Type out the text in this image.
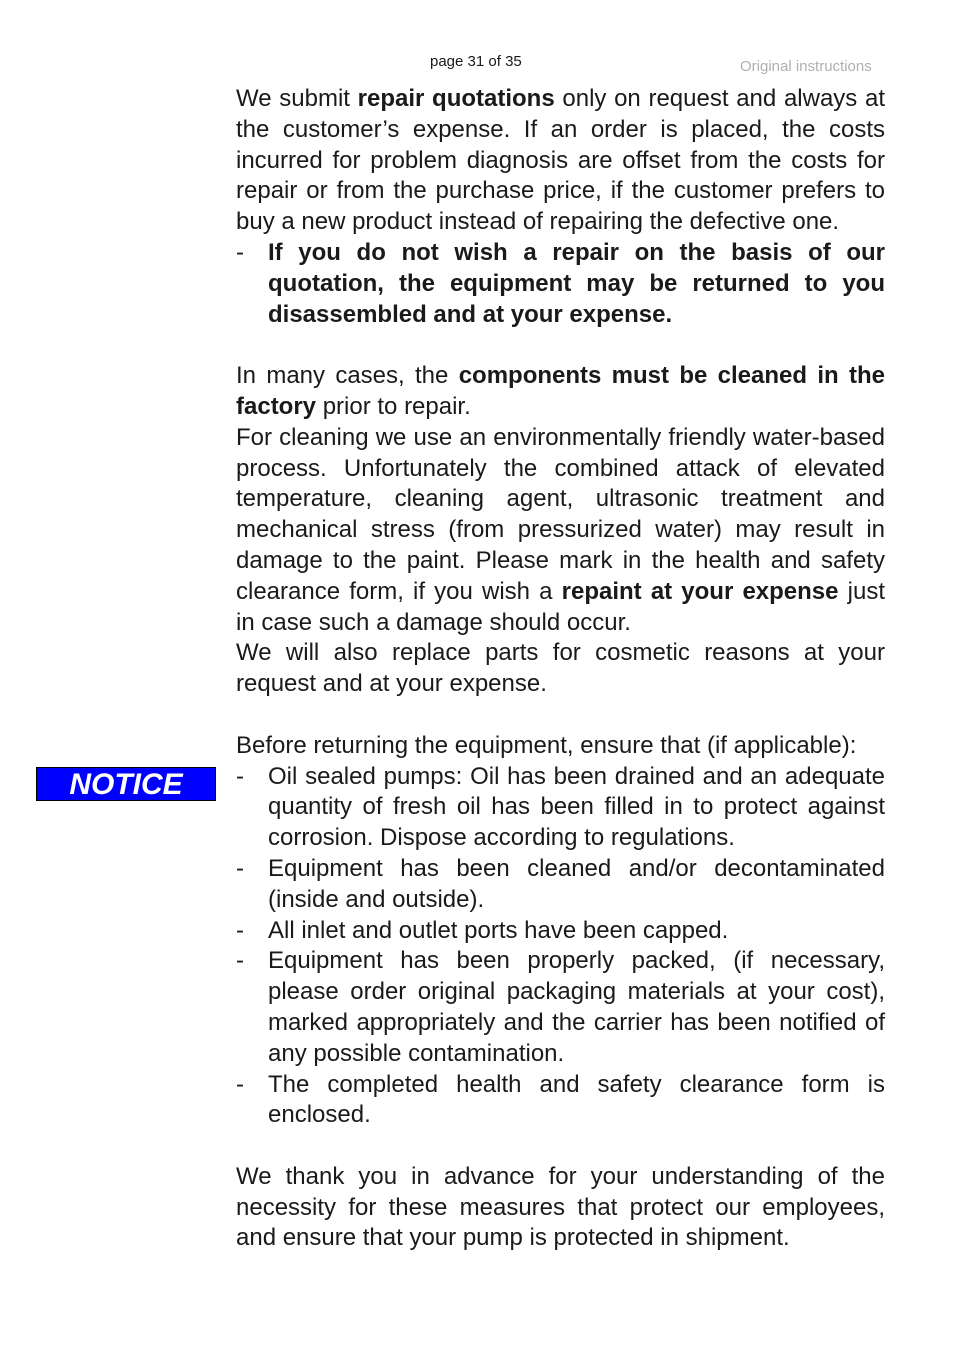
page 31 of 35	Original instructions
NOTICE

We submit repair quotations only on request and always at the customer’s expense. If an order is placed, the costs incurred for problem diagnosis are offset from the costs for repair or from the purchase price, if the customer prefers to buy a new product instead of repairing the defective one.

-	If you do not wish a repair on the basis of our quotation, the equipment may be returned to you disassembled and at your expense.

In many cases, the components must be cleaned in the factory prior to repair.

For cleaning we use an environmentally friendly water-based process. Unfortunately the combined attack of elevated temperature, cleaning agent, ultrasonic treatment and mechanical stress (from pressurized water) may result in damage to the paint. Please mark in the health and safety clearance form, if you wish a repaint at your expense just in case such a damage should occur.

We will also replace parts for cosmetic reasons at your request and at your expense.

Before returning the equipment, ensure that (if applicable):

-	Oil sealed pumps: Oil has been drained and an adequate quantity of fresh oil has been filled in to protect against corrosion. Dispose according to regulations.
-	Equipment has been cleaned and/or decontaminated (inside and outside).
-	All inlet and outlet ports have been capped.
-	Equipment has been properly packed, (if necessary, please order original packaging materials at your cost), marked appropriately and the carrier has been notified of any possible contamination.
-	The completed health and safety clearance form is enclosed.

We thank you in advance for your understanding of the necessity for these measures that protect our employees, and ensure that your pump is protected in shipment.
